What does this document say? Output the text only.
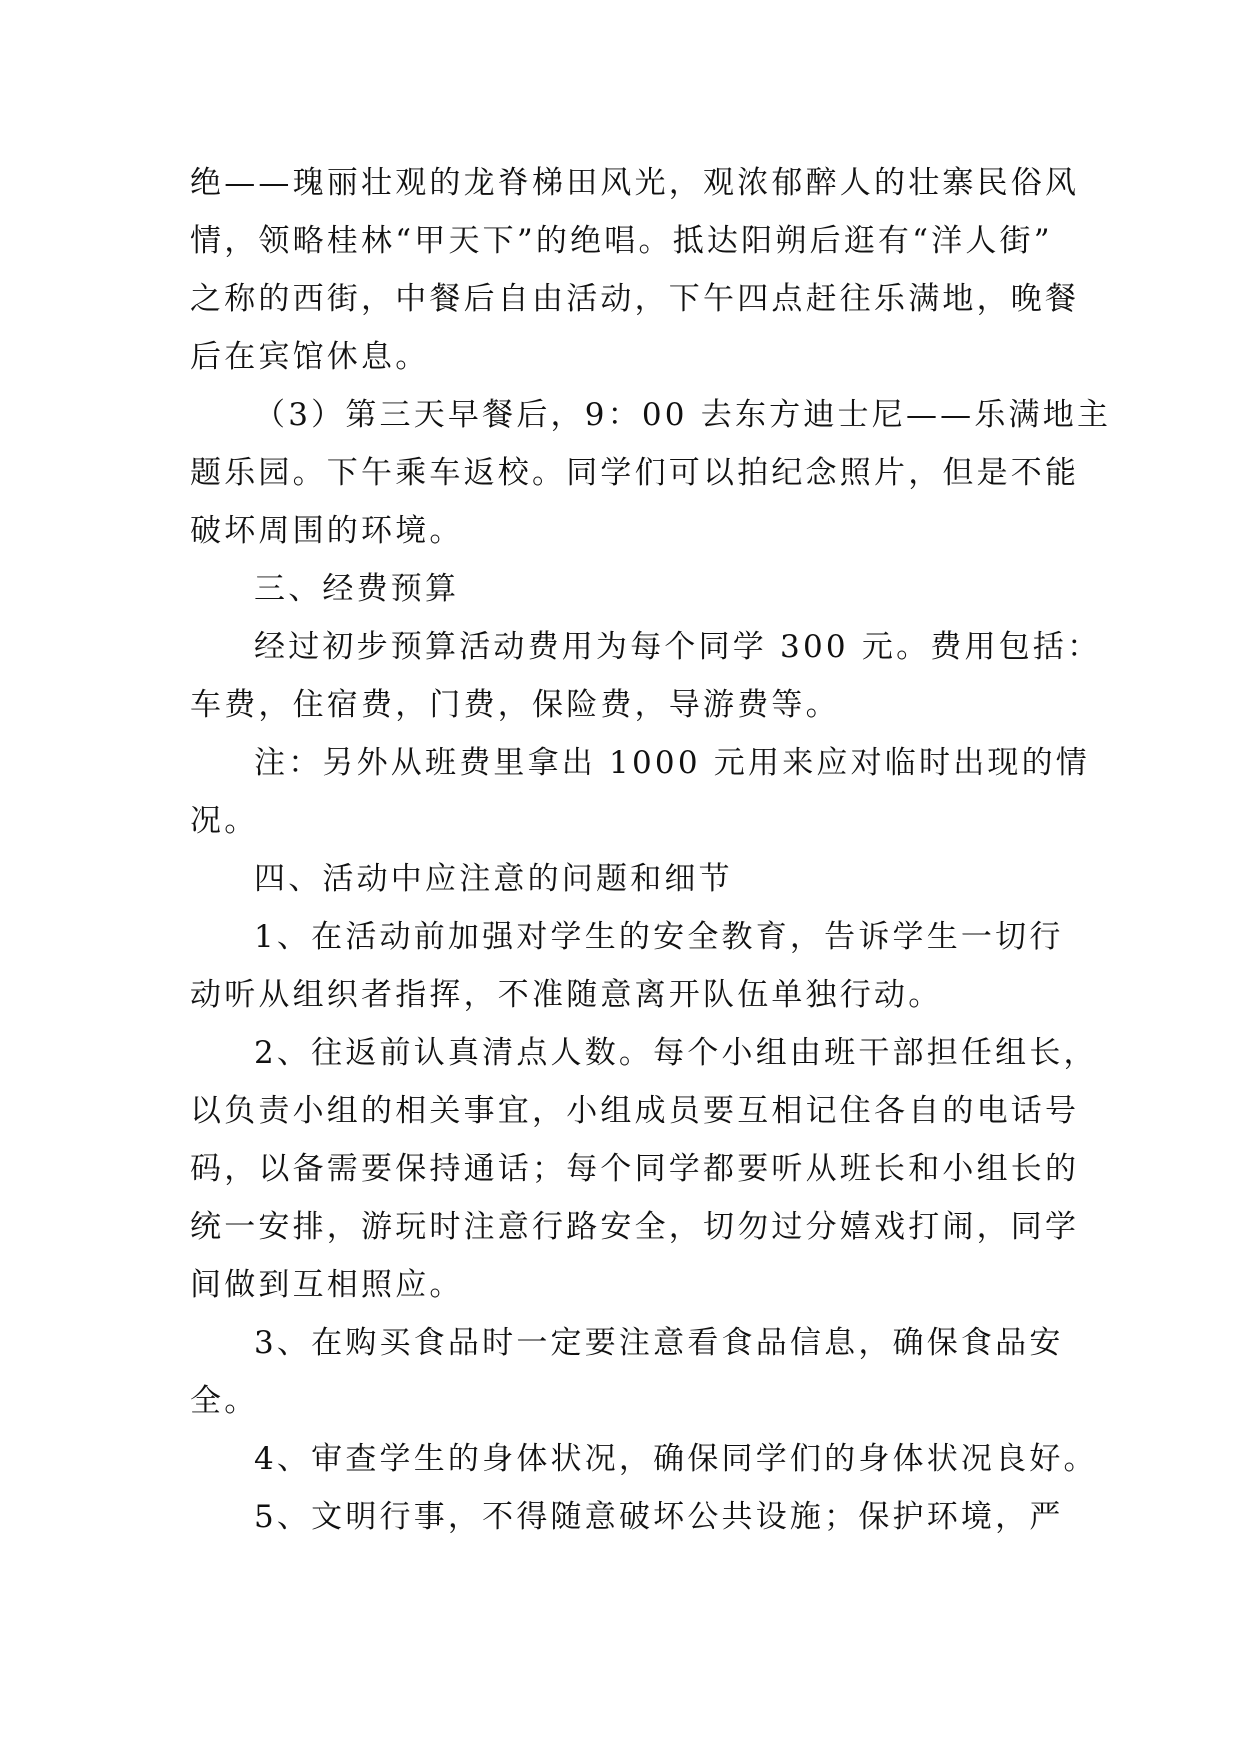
绝——瑰丽壮观的龙脊梯田风光，观浓郁醉人的壮寨民俗风
情，领略桂林“甲天下”的绝唱。抵达阳朔后逛有“洋人街”
之称的西街，中餐后自由活动，下午四点赶往乐满地，晚餐
后在宾馆休息。
（3）第三天早餐后，9：00 去东方迪士尼——乐满地主
题乐园。下午乘车返校。同学们可以拍纪念照片，但是不能
破坏周围的环境。
三、经费预算
经过初步预算活动费用为每个同学 300 元。费用包括：
车费，住宿费，门费，保险费，导游费等。
注：另外从班费里拿出 1000 元用来应对临时出现的情
况。
四、活动中应注意的问题和细节
1、在活动前加强对学生的安全教育，告诉学生一切行
动听从组织者指挥，不准随意离开队伍单独行动。
2、往返前认真清点人数。每个小组由班干部担任组长，
以负责小组的相关事宜，小组成员要互相记住各自的电话号
码，以备需要保持通话；每个同学都要听从班长和小组长的
统一安排，游玩时注意行路安全，切勿过分嬉戏打闹，同学
间做到互相照应。
3、在购买食品时一定要注意看食品信息，确保食品安
全。
4、审查学生的身体状况，确保同学们的身体状况良好。
5、文明行事，不得随意破坏公共设施；保护环境，严
